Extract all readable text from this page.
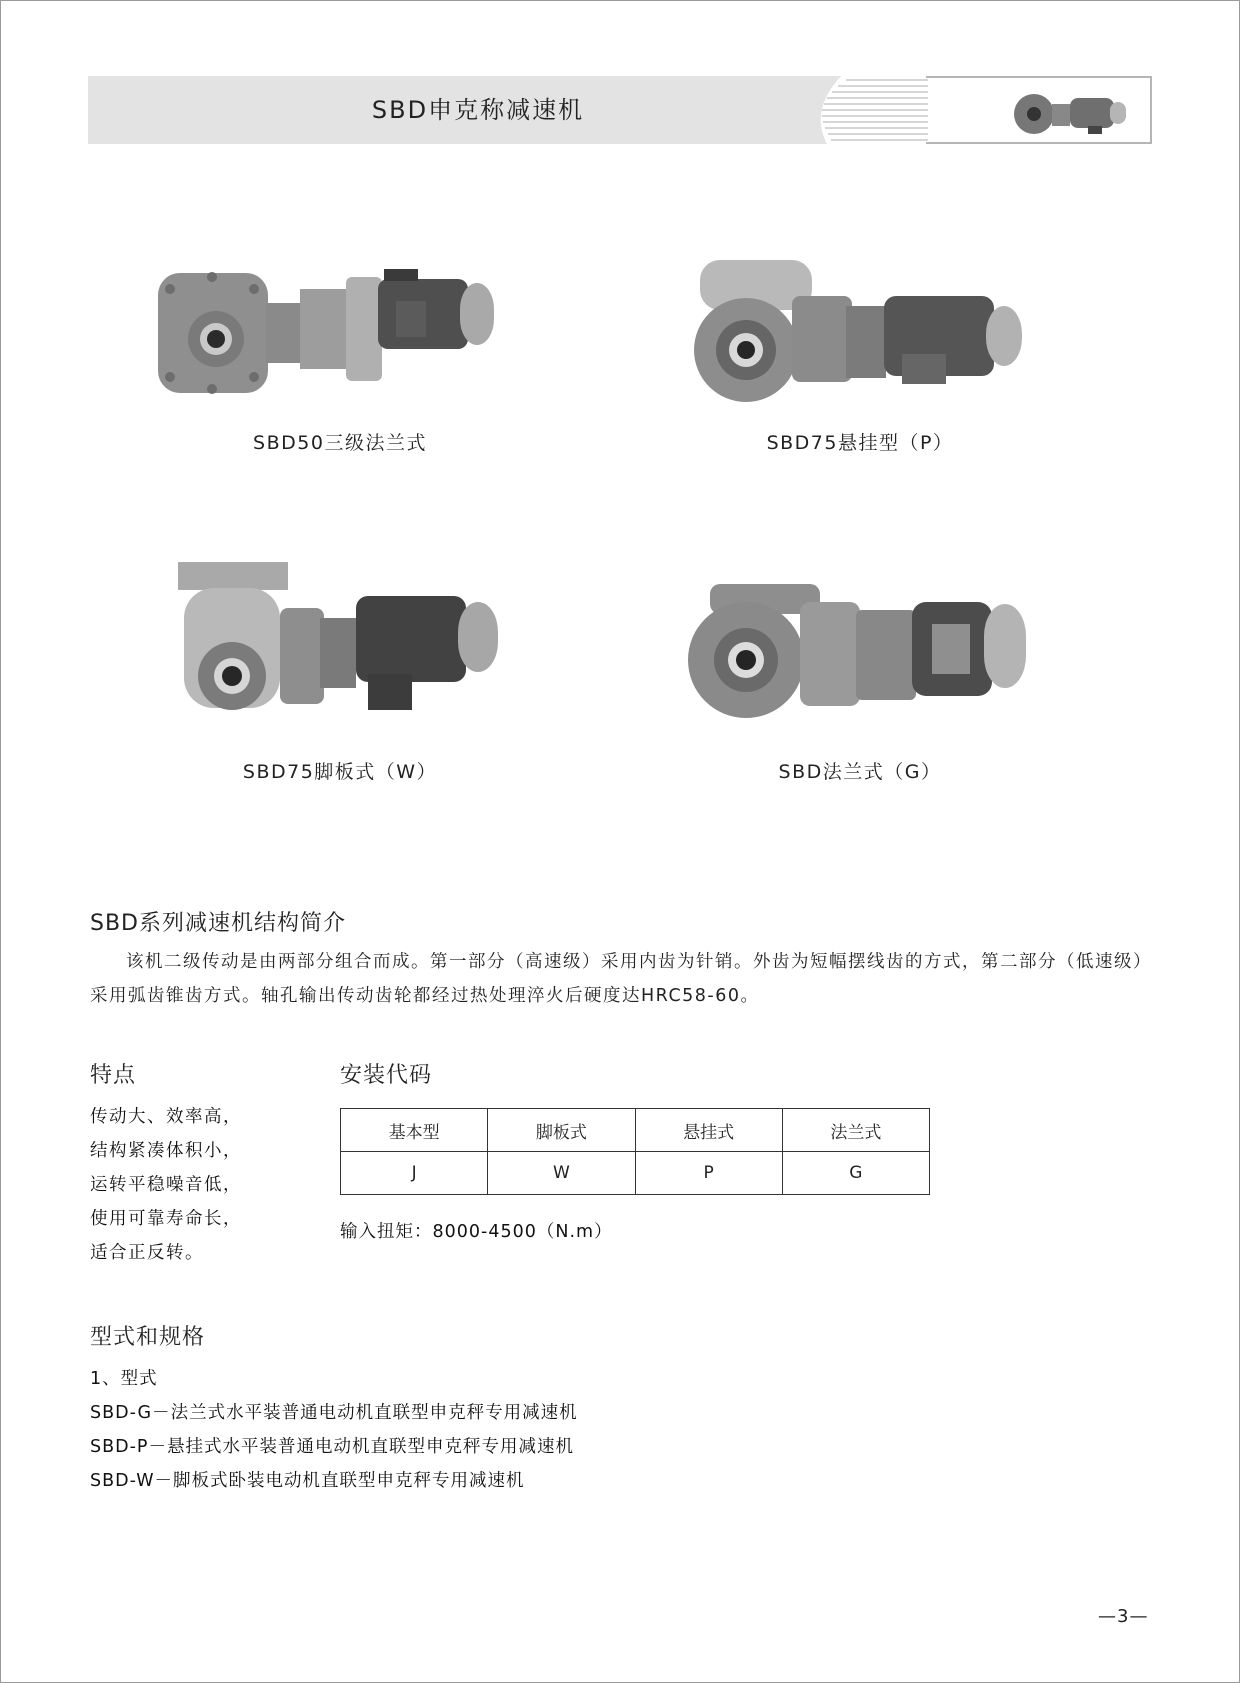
SBD申克称减速机
SBD50三级法兰式	SBD75悬挂型（P）
SBD75脚板式（W）	SBD法兰式（G）
SBD系列减速机结构简介
该机二级传动是由两部分组合而成。第一部分（高速级）采用内齿为针销。外齿为短幅摆线齿的方式，第二部分（低速级）采用弧齿锥齿方式。轴孔输出传动齿轮都经过热处理淬火后硬度达HRC58-60。
特点
传动大、效率高，
结构紧凑体积小，
运转平稳噪音低，
使用可靠寿命长，
适合正反转。
安装代码
基本型	脚板式	悬挂式	法兰式
J	W	P	G
输入扭矩：8000-4500（N.m）
型式和规格
1、型式
SBD-G－法兰式水平装普通电动机直联型申克秤专用减速机
SBD-P－悬挂式水平装普通电动机直联型申克秤专用减速机
SBD-W－脚板式卧装电动机直联型申克秤专用减速机
—3—
